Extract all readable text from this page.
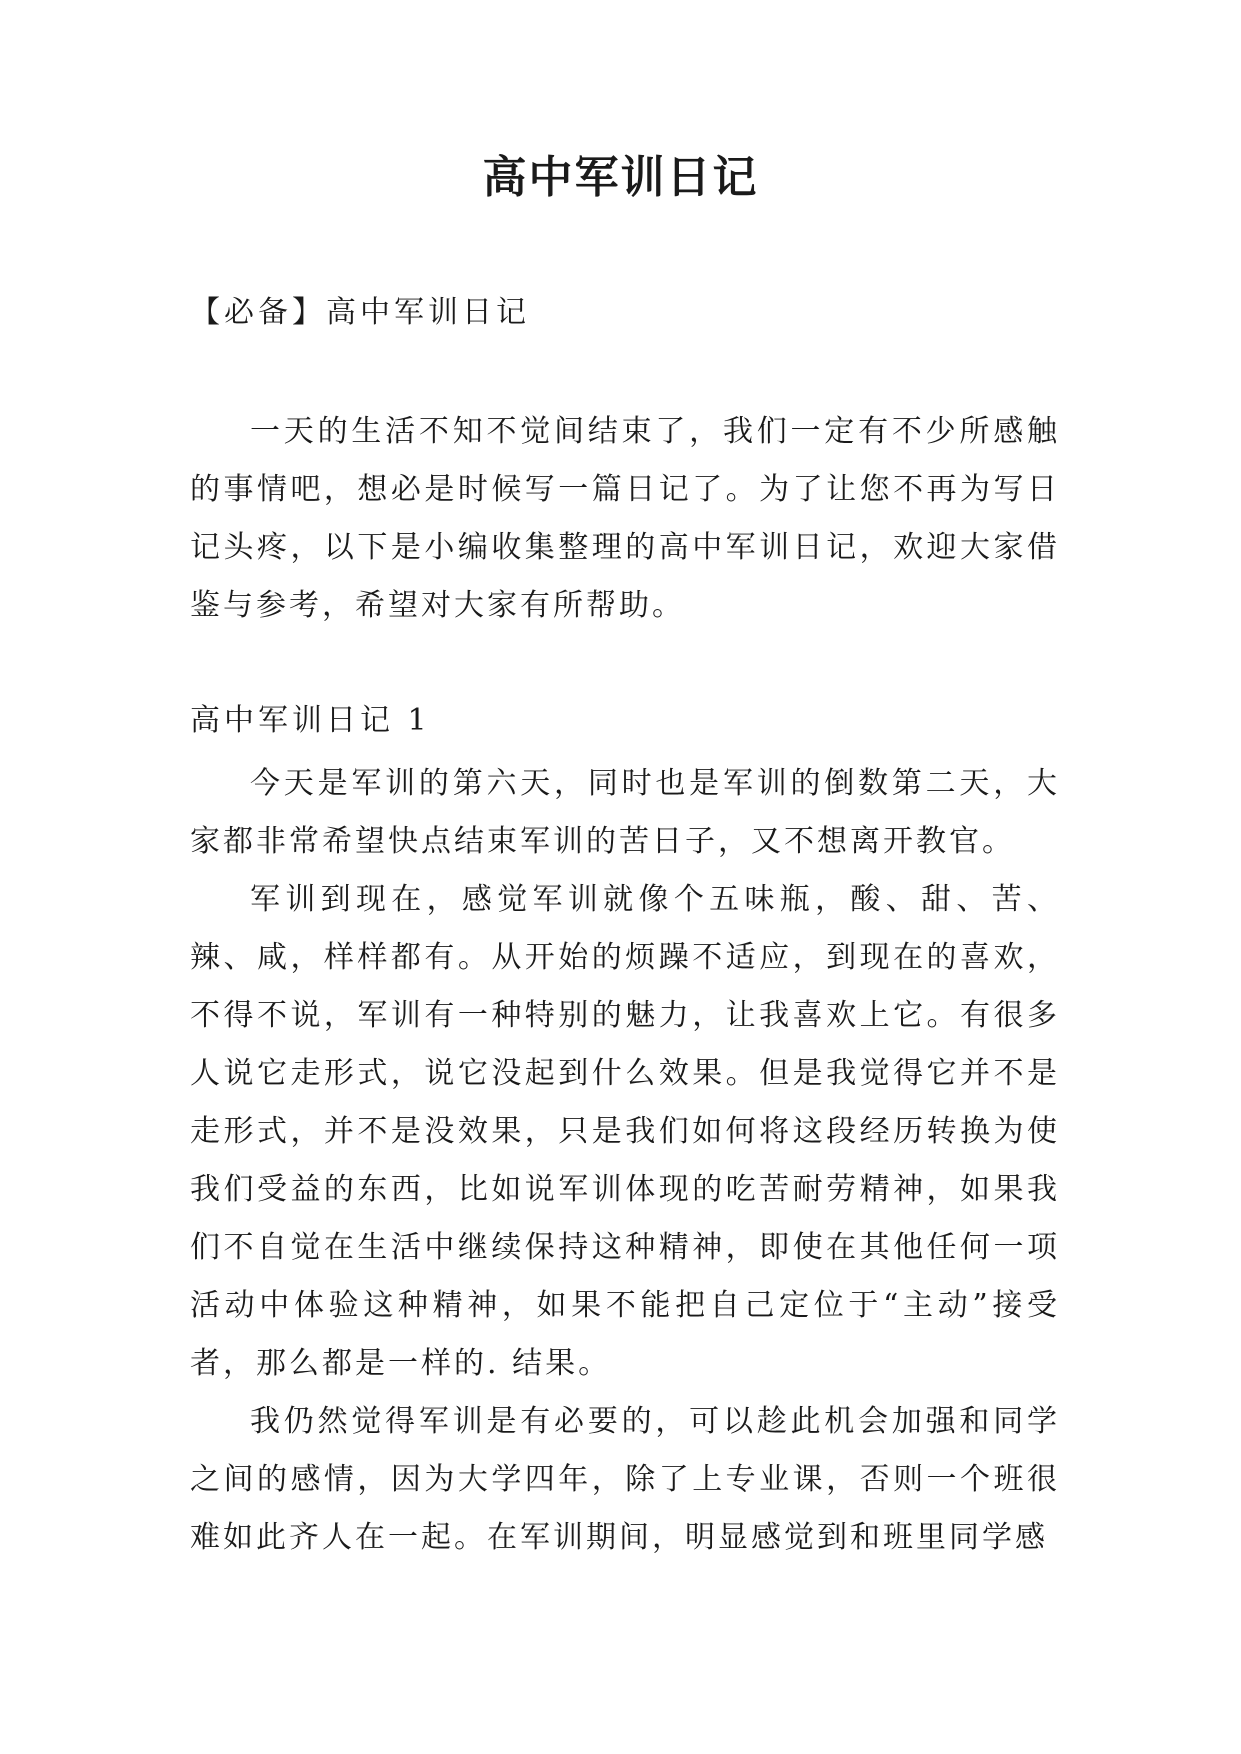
高中军训日记
【必备】高中军训日记

一天的生活不知不觉间结束了，我们一定有不少所感触的事情吧，想必是时候写一篇日记了。为了让您不再为写日记头疼，以下是小编收集整理的高中军训日记，欢迎大家借鉴与参考，希望对大家有所帮助。

高中军训日记 1

今天是军训的第六天，同时也是军训的倒数第二天，大家都非常希望快点结束军训的苦日子，又不想离开教官。

军训到现在，感觉军训就像个五味瓶，酸、甜、苦、辣、咸，样样都有。从开始的烦躁不适应，到现在的喜欢，不得不说，军训有一种特别的魅力，让我喜欢上它。有很多人说它走形式，说它没起到什么效果。但是我觉得它并不是走形式，并不是没效果，只是我们如何将这段经历转换为使我们受益的东西，比如说军训体现的吃苦耐劳精神，如果我们不自觉在生活中继续保持这种精神，即使在其他任何一项活动中体验这种精神，如果不能把自己定位于“主动”接受者，那么都是一样的. 结果。

我仍然觉得军训是有必要的，可以趁此机会加强和同学之间的感情，因为大学四年，除了上专业课，否则一个班很难如此齐人在一起。在军训期间，明显感觉到和班里同学感
